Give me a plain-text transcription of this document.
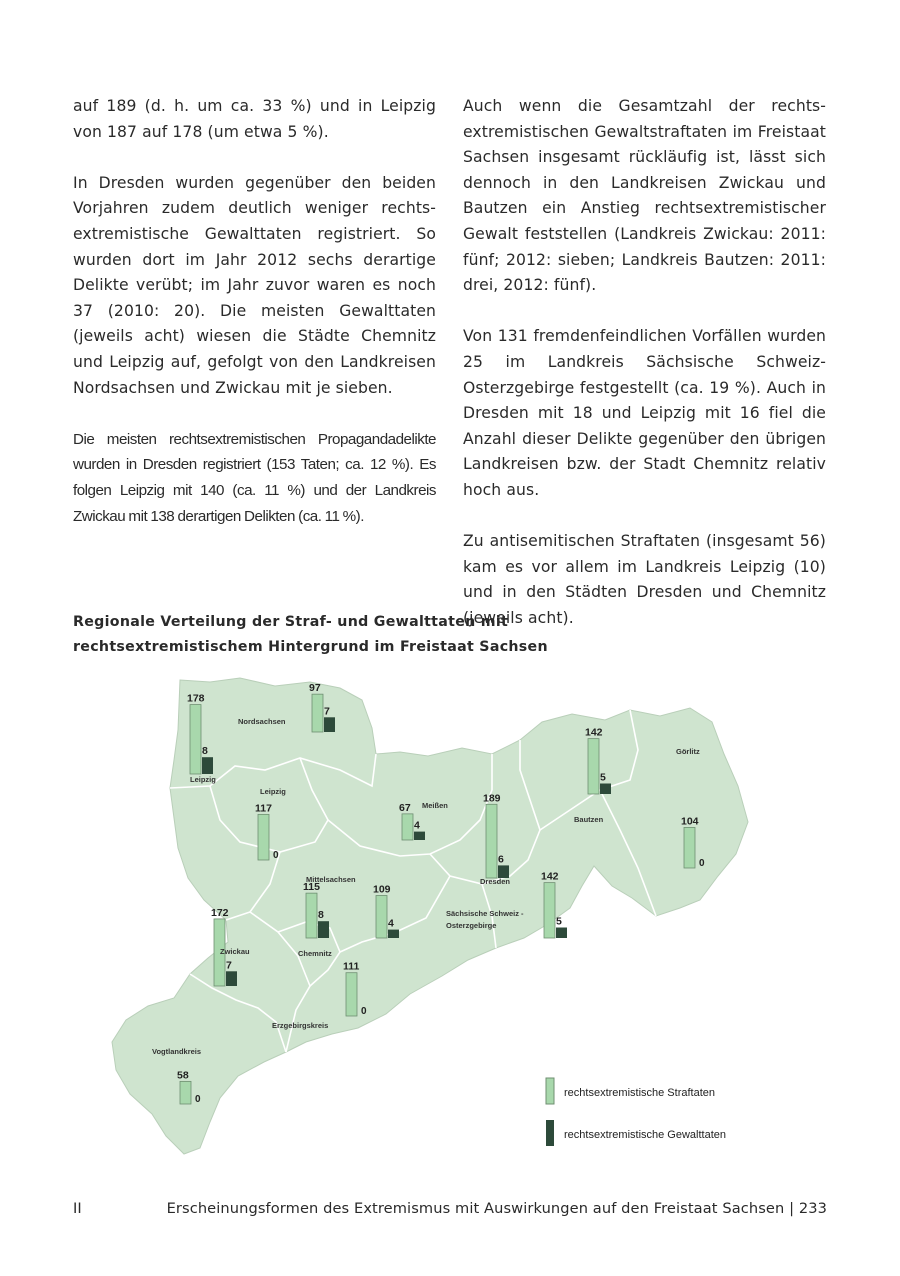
auf 189 (d. h. um ca. 33 %) und in Leipzig von 187 auf 178 (um etwa 5 %).

In Dresden wurden gegenüber den beiden Vorjahren zudem deutlich weniger rechts-extremistische Gewalttaten registriert. So wurden dort im Jahr 2012 sechs derartige Delikte verübt; im Jahr zuvor waren es noch 37 (2010: 20). Die meisten Gewalttaten (jeweils acht) wiesen die Städte Chemnitz und Leipzig auf, gefolgt von den Landkreisen Nordsachsen und Zwickau mit je sieben.

Die meisten rechtsextremistischen Propagandadelikte wurden in Dresden registriert (153 Taten; ca. 12 %). Es folgen Leipzig mit 140 (ca. 11 %) und der Landkreis Zwickau mit 138 derartigen Delikten (ca. 11 %).

Auch wenn die Gesamtzahl der rechts-extremistischen Gewaltstraftaten im Freistaat Sachsen insgesamt rückläufig ist, lässt sich dennoch in den Landkreisen Zwickau und Bautzen ein Anstieg rechtsextremistischer Gewalt feststellen (Landkreis Zwickau: 2011: fünf; 2012: sieben; Landkreis Bautzen: 2011: drei, 2012: fünf).

Von 131 fremdenfeindlichen Vorfällen wurden 25 im Landkreis Sächsische Schweiz-Osterzgebirge festgestellt (ca. 19 %). Auch in Dresden mit 18 und Leipzig mit 16 fiel die Anzahl dieser Delikte gegenüber den übrigen Landkreisen bzw. der Stadt Chemnitz relativ hoch aus.

Zu antisemitischen Straftaten (insgesamt 56) kam es vor allem im Landkreis Leipzig (10) und in den Städten Dresden und Chemnitz (jeweils acht).

Regionale Verteilung der Straf- und Gewalttaten mit
rechtsextremistischem Hintergrund im Freistaat Sachsen
178
8
97
7
117
0
67
4
189
6
142
5
104
0
109
4
115
8
142
5
172
7	111
0
58
0
Nordsachsen
Leipzig
Leipzig
Meißen
Görlitz
Bautzen
Dresden
Mittelsachsen
Chemnitz
Sächsische Schweiz -
Osterzgebirge
Zwickau
Erzgebirgskreis
Vogtlandkreis
rechtsextremistische Straftaten
rechtsextremistische Gewalttaten
II	Erscheinungsformen des Extremismus mit Auswirkungen auf den Freistaat Sachsen | 233
